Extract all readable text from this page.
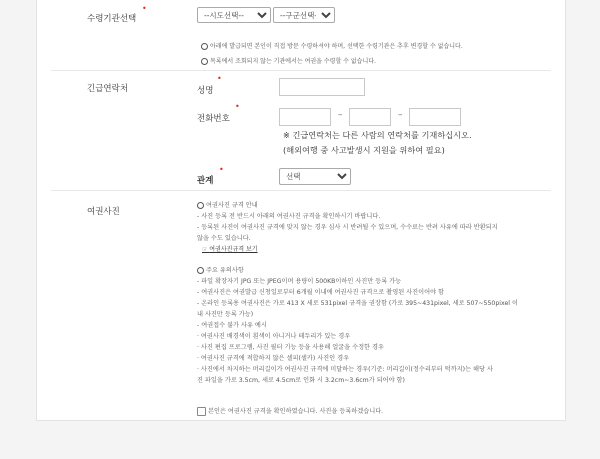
수령기관선택
•
--시도선택--
--구군선택--
아래에 발급되면 본인이 직접 방문 수령하셔야 하며, 선택한 수령기관은 추후 변경할 수 없습니다.
목록에서 조회되지 않는 기관에서는 여권을 수령할 수 없습니다.
긴급연락처	성명
•
전화번호
•
–	–
※ 긴급연락처는 다른 사람의 연락처를 기재하십시오.
(해외여행 중 사고발생시 지원을 위하여 필요)
관계
•
선택
여권사진
여권사진 규격 안내
- 사진 등록 전 반드시 아래의 여권사진 규격을 확인하시기 바랍니다.
- 등록된 사진이 여권사진 규격에 맞지 않는 경우 심사 시 반려될 수 있으며, 수수료는 반려 사유에 따라 반환되지
않을 수도 있습니다.
☞ 여권사진규격 보기
주요 유의사항
- 파일 확장자기 JPG 또는 JPEG이며 용량이 500KB이하인 사진만 등록 가능
- 여권사진은 여권발급 신청일로부터 6개월 이내에 여권사진 규격으로 촬영된 사진이어야 함
- 온라인 등록용 여권사진은 가로 413 X 세로 531pixel 규격을 권장함 (가로 395~431pixel, 세로 507~550pixel 이
내 사진만 등록 가능)
- 여권접수 불가 사유 예시
· 여권사진 배경색이 흰색이 아니거나 테두리가 있는 경우
· 사진 편집 프로그램, 사진 필터 기능 등을 사용해 얼굴을 수정한 경우
· 여권사진 규격에 적합하지 않은 셀피(셀카) 사진인 경우
· 사진에서 차지하는 머리길이가 여권사진 규격에 미달하는 경우(기준: 머리길이(정수리부터 턱까지)는 해당 사
진 파일을 가로 3.5cm, 세로 4.5cm로 인화 시 3.2cm~3.6cm가 되어야 함)
본인은 여권사진 규격을 확인하였습니다. 사진을 등록하겠습니다.
